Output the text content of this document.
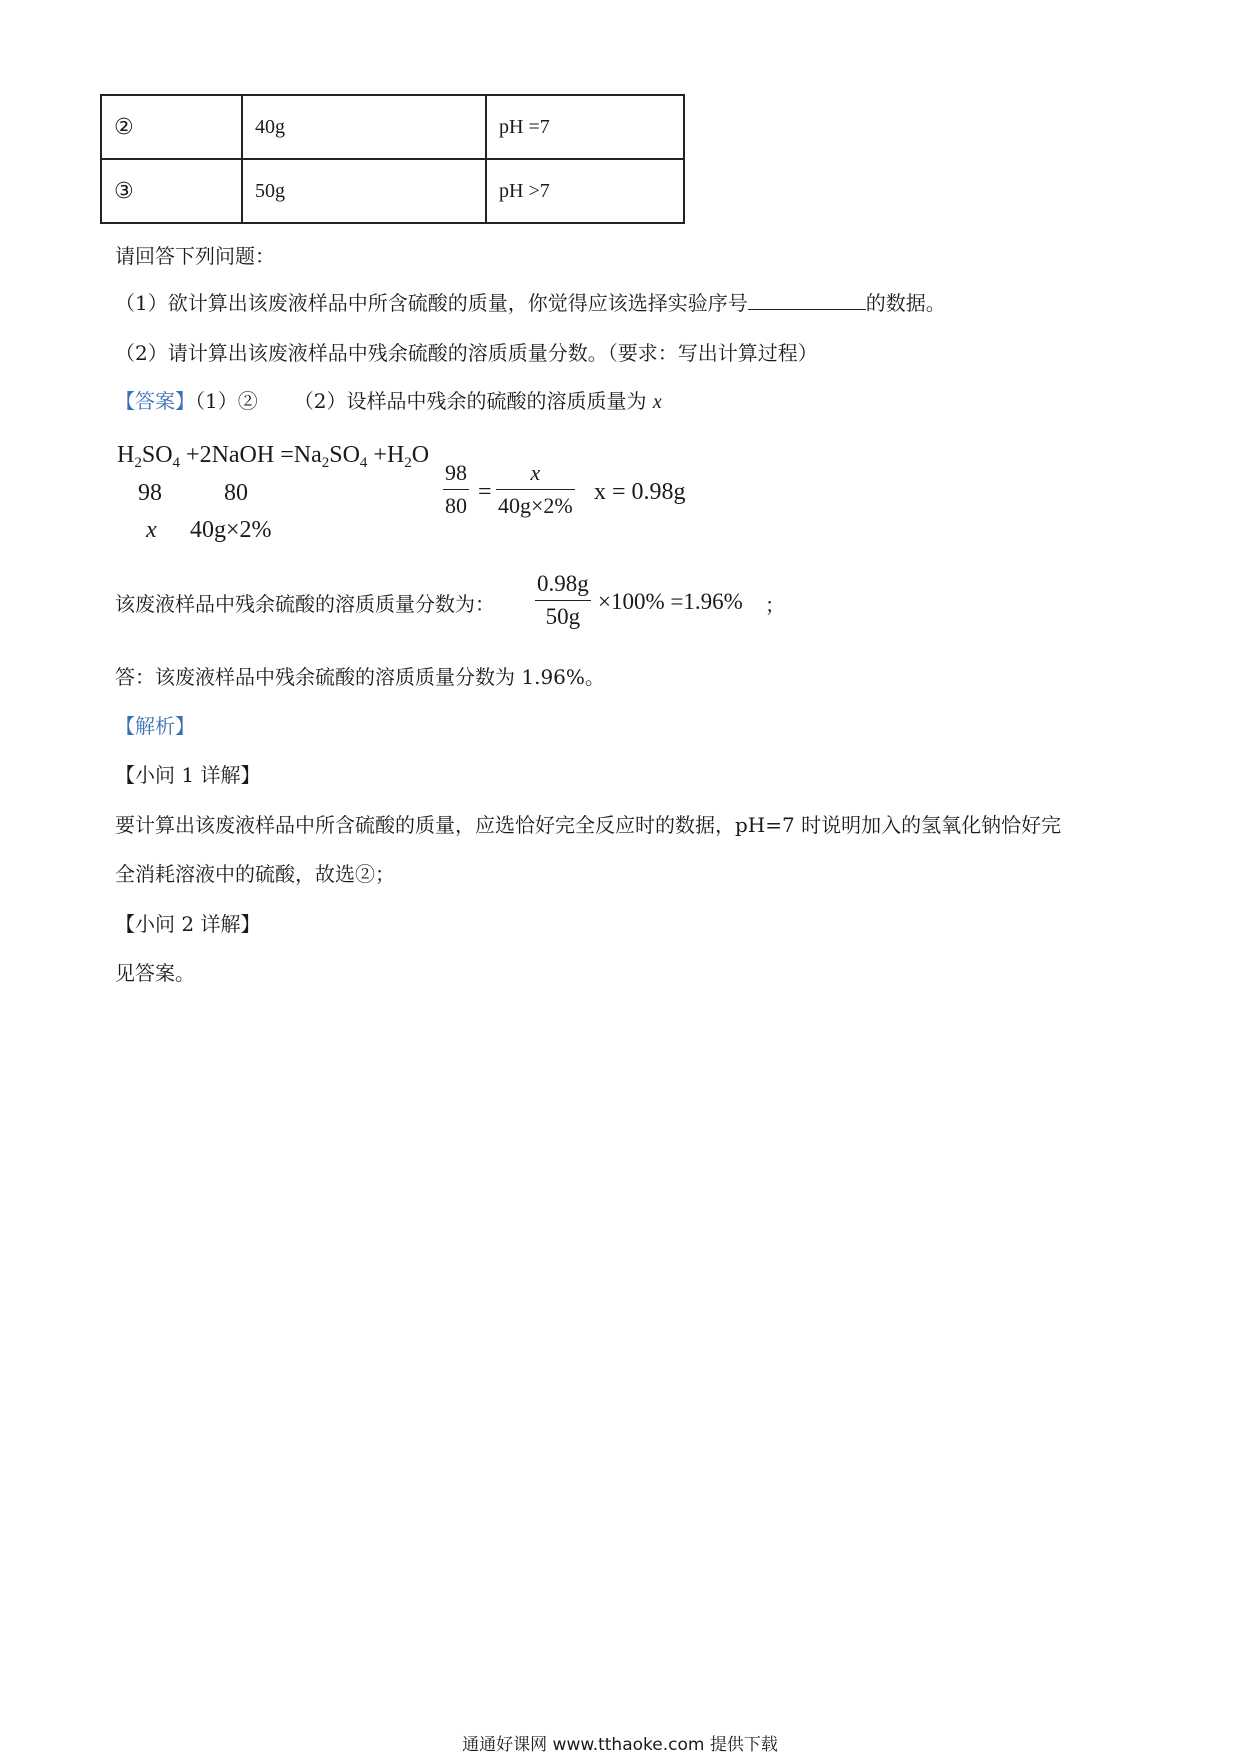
②	40g	pH =7
③	50g	pH >7
请回答下列问题：
（1）欲计算出该废液样品中所含硫酸的质量，你觉得应该选择实验序号	的数据。
（2）请计算出该废液样品中残余硫酸的溶质质量分数。（要求：写出计算过程）
【答案】（1）② （2）设样品中残余的硫酸的溶质质量为 x
$H_2SO_4$ +2NaOH $=Na_2SO_4 +H_2O$
98	80
x 40g×2%
$\frac{98}{80} = \frac{x}{40g\times 2\%}$ x = 0.98g
该废液样品中残余硫酸的溶质质量分数为： $\frac{0.98g}{50g} \times 100\% =1.96\%$ ；
答：该废液样品中残余硫酸的溶质质量分数为 1.96%。
【解析】
【小问 1 详解】
要计算出该废液样品中所含硫酸的质量，应选恰好完全反应时的数据，pH=7 时说明加入的氢氧化钠恰好完
全消耗溶液中的硫酸，故选②；
【小问 2 详解】
见答案。
通通好课网 www.tthaoke.com 提供下载
